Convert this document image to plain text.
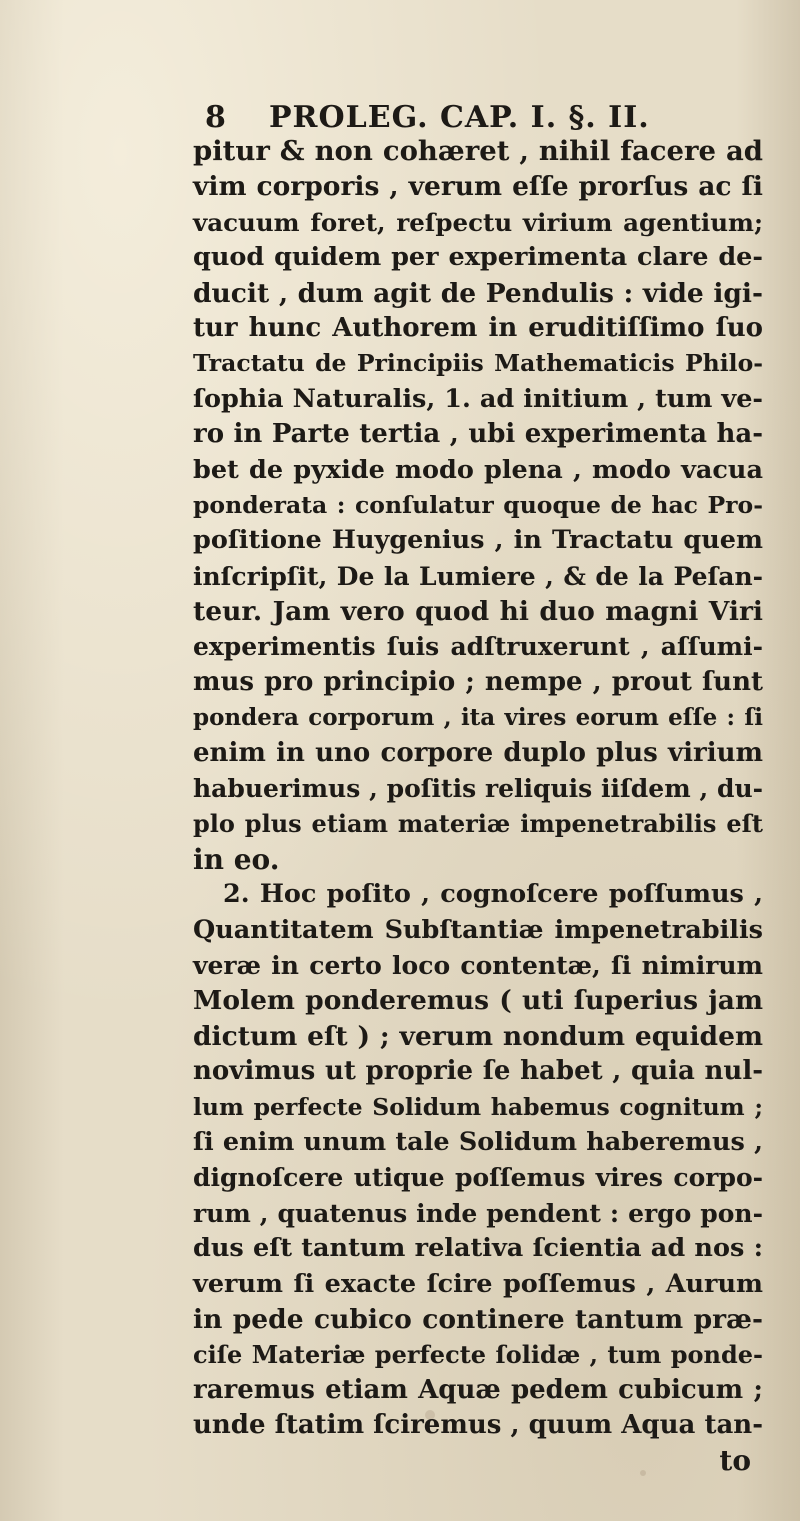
8 PROLEG. CAP. I. §. II.
pitur & non cohæret , nihil facere ad
vim corporis , verum eſſe prorſus ac ſi
vacuum foret, reſpectu virium agentium;
quod quidem per experimenta clare de-
ducit , dum agit de Pendulis : vide igi-
tur hunc Authorem in eruditiſſimo ſuo
Tractatu de Principiis Mathematicis Philo-
ſophia Naturalis, 1. ad initium , tum ve-
ro in Parte tertia , ubi experimenta ha-
bet de pyxide modo plena , modo vacua
ponderata : conſulatur quoque de hac Pro-
poſitione Huygenius , in Tractatu quem
inſcripſit, De la Lumiere , & de la Peſan-
teur. Jam vero quod hi duo magni Viri
experimentis ſuis adſtruxerunt , aſſumi-
mus pro principio ; nempe , prout ſunt
pondera corporum , ita vires eorum eſſe : ſi
enim in uno corpore duplo plus virium
habuerimus , poſitis reliquis iiſdem , du-
plo plus etiam materiæ impenetrabilis eſt
in eo.
2. Hoc poſito , cognoſcere poſſumus ,
Quantitatem Subſtantiæ impenetrabilis
veræ in certo loco contentæ, ſi nimirum
Molem ponderemus ( uti ſuperius jam
dictum eſt ) ; verum nondum equidem
novimus ut proprie ſe habet , quia nul-
lum perfecte Solidum habemus cognitum ;
ſi enim unum tale Solidum haberemus ,
dignoſcere utique poſſemus vires corpo-
rum , quatenus inde pendent : ergo pon-
dus eſt tantum relativa ſcientia ad nos :
verum ſi exacte ſcire poſſemus , Aurum
in pede cubico continere tantum præ-
ciſe Materiæ perfecte ſolidæ , tum ponde-
raremus etiam Aquæ pedem cubicum ;
unde ſtatim ſciremus , quum Aqua tan-
to
